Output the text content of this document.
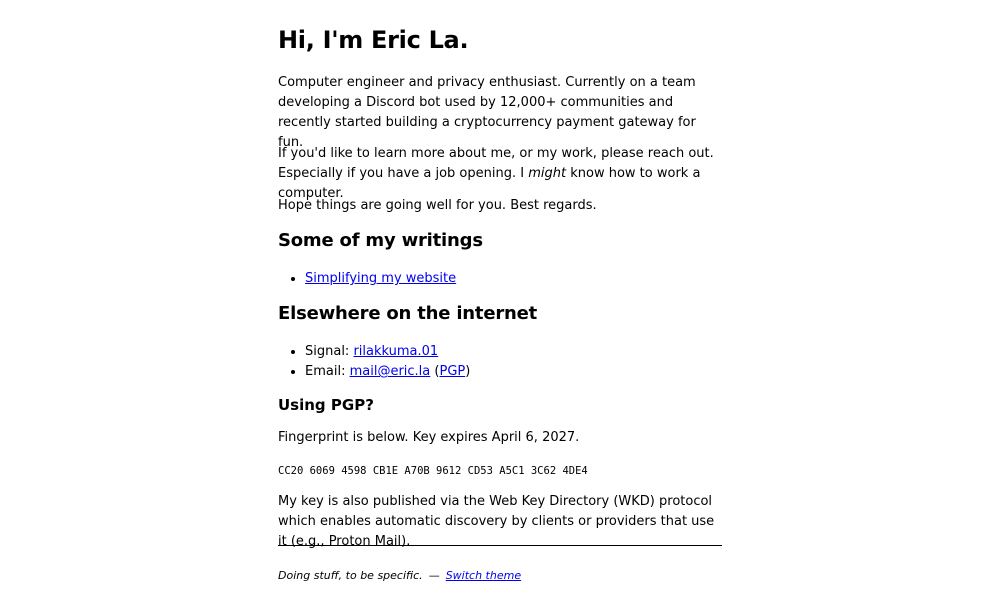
Hi, I'm Eric La.

Computer engineer and privacy enthusiast. Currently on a team developing a Discord bot used by 12,000+ communities and recently started building a cryptocurrency payment gateway for fun.

If you'd like to learn more about me, or my work, please reach out. Especially if you have a job opening. I might know how to work a computer.

Hope things are going well for you. Best regards.

Some of my writings
• Simplifying my website
Elsewhere on the internet
• Signal: rilakkuma.01
• Email: mail@eric.la (PGP)
Using PGP?

Fingerprint is below. Key expires April 6, 2027.

CC20 6069 4598 CB1E A70B 9612 CD53 A5C1 3C62 4DE4

My key is also published via the Web Key Directory (WKD) protocol which enables automatic discovery by clients or providers that use it (e.g., Proton Mail).

Doing stuff, to be specific. — Switch theme
